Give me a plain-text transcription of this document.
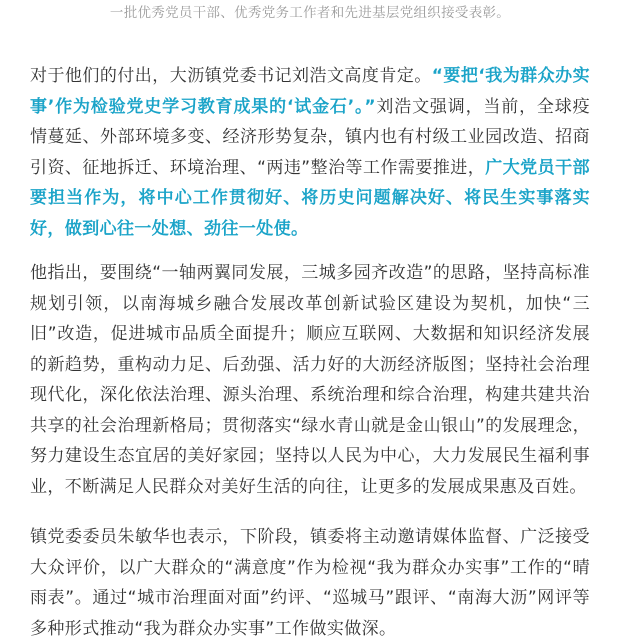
一批优秀党员干部、优秀党务工作者和先进基层党组织接受表彰。

对于他们的付出，大沥镇党委书记刘浩文高度肯定。“要把‘我为群众办实事’作为检验党史学习教育成果的‘试金石’。”刘浩文强调，当前，全球疫情蔓延、外部环境多变、经济形势复杂，镇内也有村级工业园改造、招商引资、征地拆迁、环境治理、“两违”整治等工作需要推进，广大党员干部要担当作为，将中心工作贯彻好、将历史问题解决好、将民生实事落实好，做到心往一处想、劲往一处使。

他指出，要围绕“一轴两翼同发展，三城多园齐改造”的思路，坚持高标准规划引领，以南海城乡融合发展改革创新试验区建设为契机，加快“三旧”改造，促进城市品质全面提升；顺应互联网、大数据和知识经济发展的新趋势，重构动力足、后劲强、活力好的大沥经济版图；坚持社会治理现代化，深化依法治理、源头治理、系统治理和综合治理，构建共建共治共享的社会治理新格局；贯彻落实“绿水青山就是金山银山”的发展理念，努力建设生态宜居的美好家园；坚持以人民为中心，大力发展民生福利事业，不断满足人民群众对美好生活的向往，让更多的发展成果惠及百姓。

镇党委委员朱敏华也表示，下阶段，镇委将主动邀请媒体监督、广泛接受大众评价，以广大群众的“满意度”作为检视“我为群众办实事”工作的“晴雨表”。通过“城市治理面对面”约评、“巡城马”跟评、“南海大沥”网评等多种形式推动“我为群众办实事”工作做实做深。
